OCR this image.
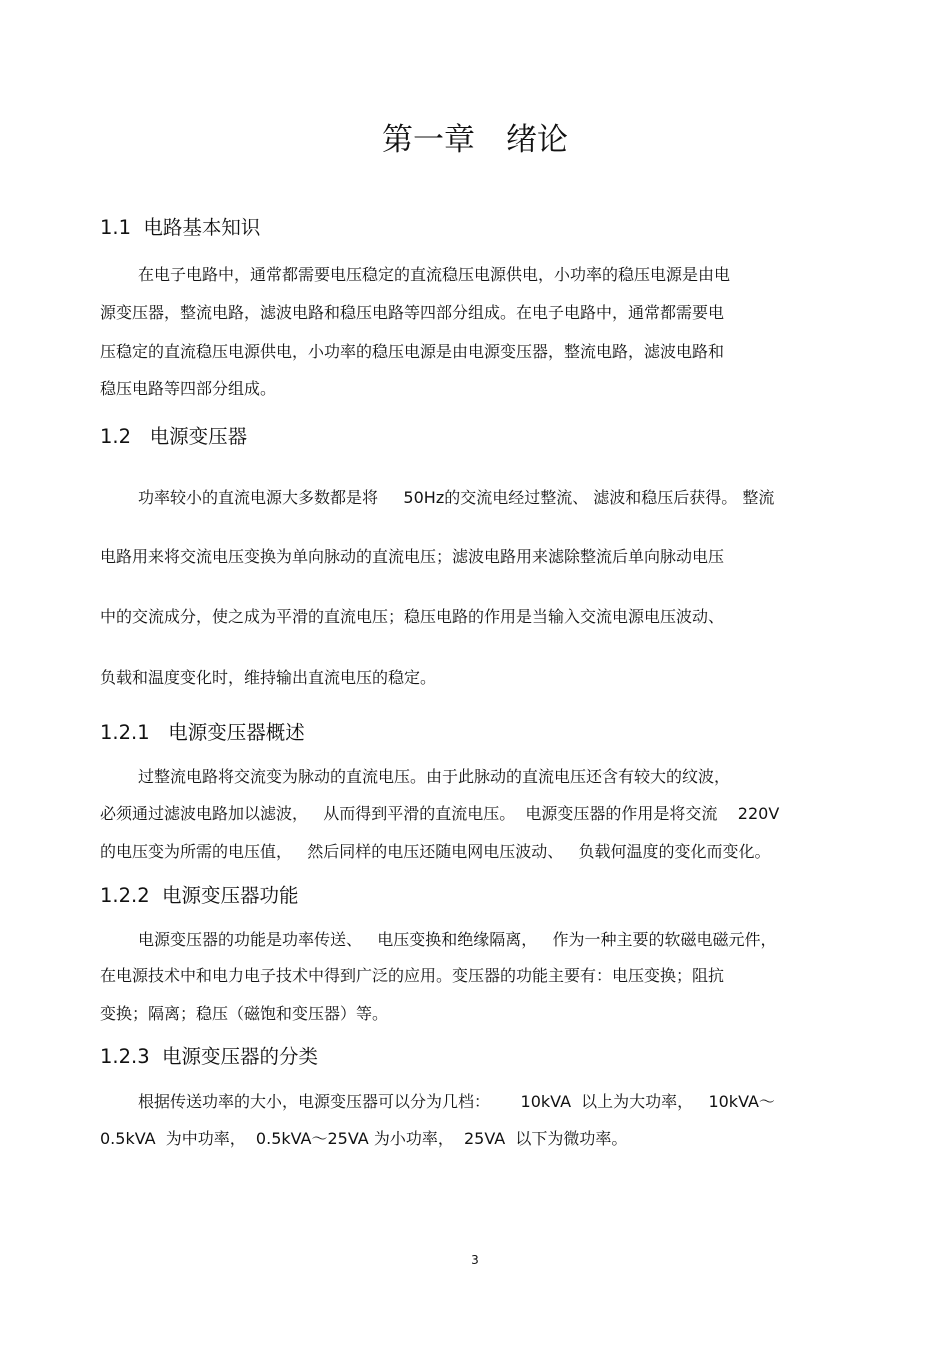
第一章　绪论
1.1  电路基本知识
在电子电路中，通常都需要电压稳定的直流稳压电源供电，小功率的稳压电源是由电
源变压器，整流电路，滤波电路和稳压电路等四部分组成。在电子电路中，通常都需要电
压稳定的直流稳压电源供电，小功率的稳压电源是由电源变压器，整流电路，滤波电路和
稳压电路等四部分组成。
1.2   电源变压器
功率较小的直流电源大多数都是将     50Hz的交流电经过整流、 滤波和稳压后获得。 整流
电路用来将交流电压变换为单向脉动的直流电压；滤波电路用来滤除整流后单向脉动电压
中的交流成分，使之成为平滑的直流电压；稳压电路的作用是当输入交流电源电压波动、
负载和温度变化时，维持输出直流电压的稳定。
1.2.1   电源变压器概述
过整流电路将交流变为脉动的直流电压。由于此脉动的直流电压还含有较大的纹波，
必须通过滤波电路加以滤波，   从而得到平滑的直流电压。  电源变压器的作用是将交流    220V
的电压变为所需的电压值，   然后同样的电压还随电网电压波动、   负载何温度的变化而变化。
1.2.2  电源变压器功能
电源变压器的功能是功率传送、   电压变换和绝缘隔离，   作为一种主要的软磁电磁元件，
在电源技术中和电力电子技术中得到广泛的应用。变压器的功能主要有：电压变换；阻抗
变换；隔离；稳压（磁饱和变压器）等。
1.2.3  电源变压器的分类
根据传送功率的大小，电源变压器可以分为几档：      10kVA  以上为大功率，   10kVA～
0.5kVA  为中功率，  0.5kVA～25VA 为小功率，  25VA  以下为微功率。
3
